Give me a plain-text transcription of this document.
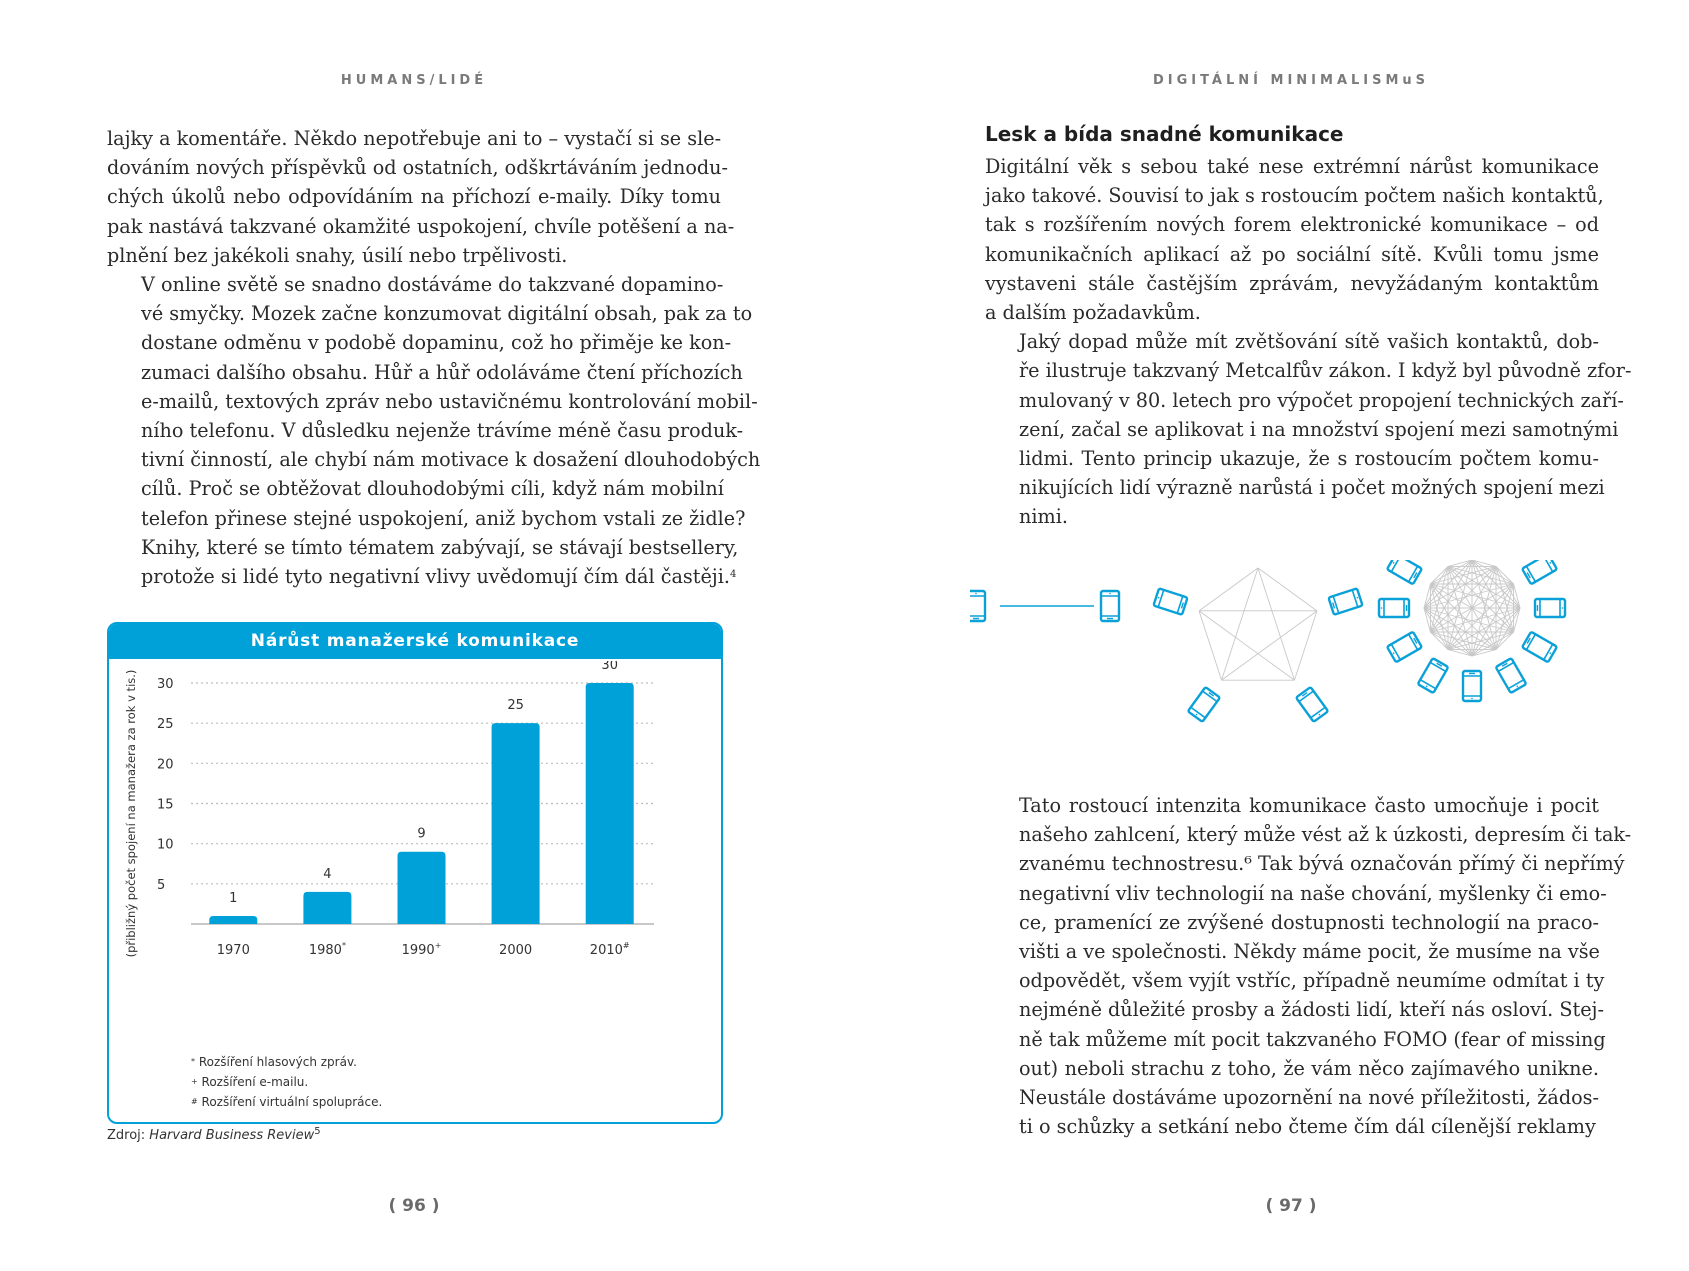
HUMANS/LIDÉ

lajky a komentáře. Někdo nepotřebuje ani to – vystačí si se sle-
dováním nových příspěvků od ostatních, odškrtáváním jednodu-
chých úkolů nebo odpovídáním na příchozí e-maily. Díky tomu
pak nastává takzvané okamžité uspokojení, chvíle potěšení a na-
plnění bez jakékoli snahy, úsilí nebo trpělivosti.

V online světě se snadno dostáváme do takzvané dopamino-
vé smyčky. Mozek začne konzumovat digitální obsah, pak za to
dostane odměnu v podobě dopaminu, což ho přiměje ke kon-
zumaci dalšího obsahu. Hůř a hůř odoláváme čtení příchozích
e-mailů, textových zpráv nebo ustavičnému kontrolování mobil-
ního telefonu. V důsledku nejenže trávíme méně času produk-
tivní činností, ale chybí nám motivace k dosažení dlouhodobých
cílů. Proč se obtěžovat dlouhodobými cíli, když nám mobilní
telefon přinese stejné uspokojení, aniž bychom vstali ze židle?
Knihy, které se tímto tématem zabývají, se stávají bestsellery,
protože si lidé tyto negativní vlivy uvědomují čím dál častěji.$^4$

Nárůst manažerské komunikace
(přibližný počet spojení na manažera za rok v tis.) 5
10
15
20
25
30
1
1970
4
1980*
9
1990+
25
2000
30
2010#
* Rozšíření hlasových zpráv.
+ Rozšíření e-mailu.
# Rozšíření virtuální spolupráce.
Zdroj: Harvard Business Review$^5$
( 96 )
DIGITÁLNÍ MINIMALISMuS
Lesk a bída snadné komunikace

Digitální věk s sebou také nese extrémní nárůst komunikace
jako takové. Souvisí to jak s rostoucím počtem našich kontaktů,
tak s rozšířením nových forem elektronické komunikace – od
komunikačních aplikací až po sociální sítě. Kvůli tomu jsme
vystaveni stále častějším zprávám, nevyžádaným kontaktům
a dalším požadavkům.

Jaký dopad může mít zvětšování sítě vašich kontaktů, dob-
ře ilustruje takzvaný Metcalfův zákon. I když byl původně zfor-
mulovaný v 80. letech pro výpočet propojení technických zaří-
zení, začal se aplikovat i na množství spojení mezi samotnými
lidmi. Tento princip ukazuje, že s rostoucím počtem komu-
nikujících lidí výrazně narůstá i počet možných spojení mezi
nimi.

Tato rostoucí intenzita komunikace často umocňuje i pocit
našeho zahlcení, který může vést až k úzkosti, depresím či tak-
zvanému technostresu.⁶ Tak bývá označován přímý či nepřímý
negativní vliv technologií na naše chování, myšlenky či emo-
ce, pramenící ze zvýšené dostupnosti technologií na praco-
višti a ve společnosti. Někdy máme pocit, že musíme na vše
odpovědět, všem vyjít vstříc, případně neumíme odmítat i ty
nejméně důležité prosby a žádosti lidí, kteří nás osloví. Stej-
ně tak můžeme mít pocit takzvaného FOMO (fear of missing
out) neboli strachu z toho, že vám něco zajímavého unikne.
Neustále dostáváme upozornění na nové příležitosti, žádos-
ti o schůzky a setkání nebo čteme čím dál cílenější reklamy

( 97 )
